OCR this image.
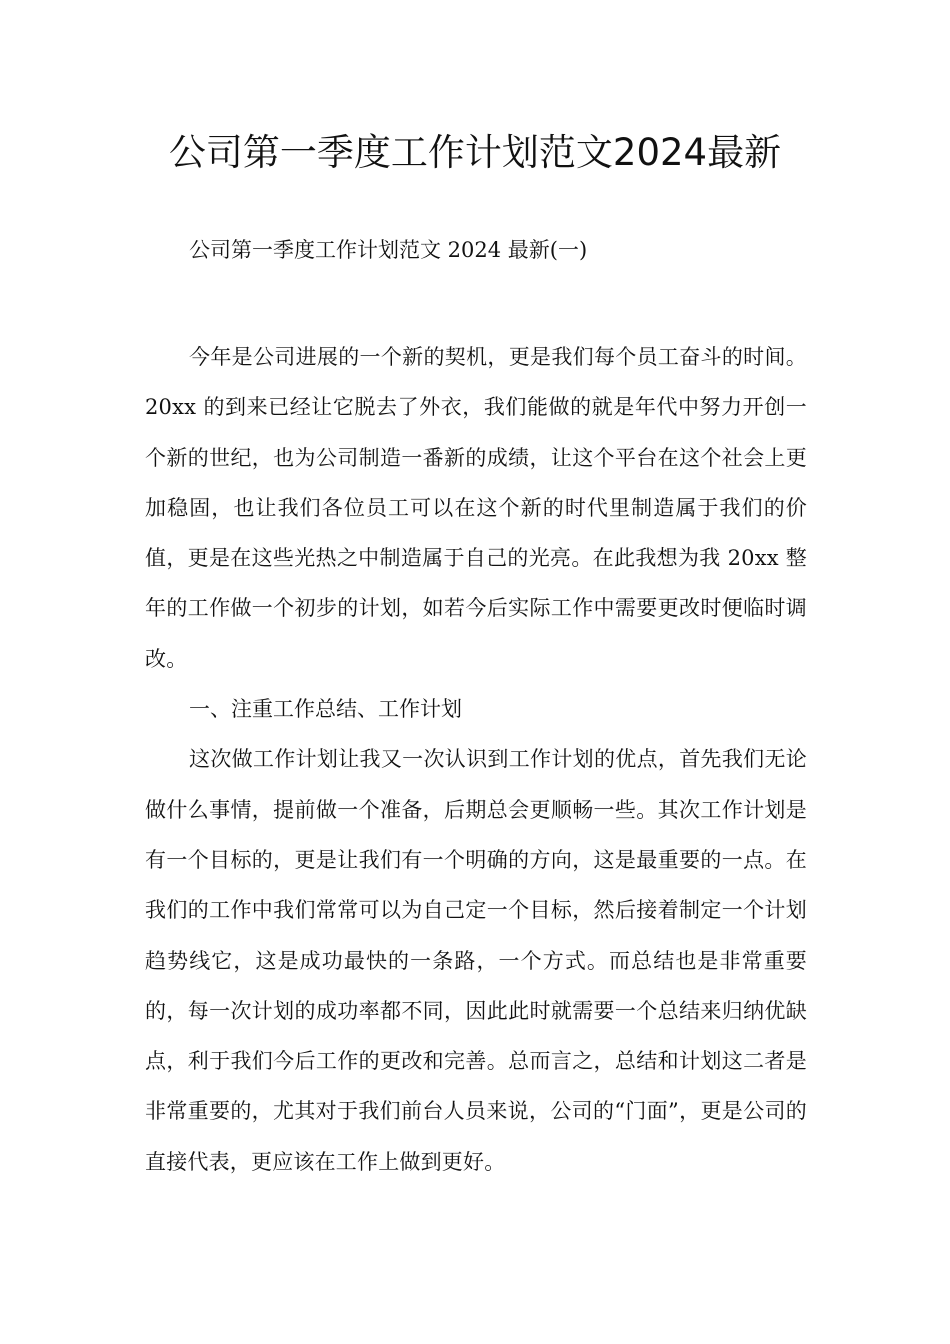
公司第一季度工作计划范文2024最新

公司第一季度工作计划范文 2024 最新(一)

今年是公司进展的一个新的契机，更是我们每个员工奋斗的时间。20xx 的到来已经让它脱去了外衣，我们能做的就是年代中努力开创一个新的世纪，也为公司制造一番新的成绩，让这个平台在这个社会上更加稳固，也让我们各位员工可以在这个新的时代里制造属于我们的价值，更是在这些光热之中制造属于自己的光亮。在此我想为我 20xx 整年的工作做一个初步的计划，如若今后实际工作中需要更改时便临时调改。

一、注重工作总结、工作计划

这次做工作计划让我又一次认识到工作计划的优点，首先我们无论做什么事情，提前做一个准备，后期总会更顺畅一些。其次工作计划是有一个目标的，更是让我们有一个明确的方向，这是最重要的一点。在我们的工作中我们常常可以为自己定一个目标，然后接着制定一个计划趋势线它，这是成功最快的一条路，一个方式。而总结也是非常重要的，每一次计划的成功率都不同，因此此时就需要一个总结来归纳优缺点，利于我们今后工作的更改和完善。总而言之，总结和计划这二者是非常重要的，尤其对于我们前台人员来说，公司的“门面”，更是公司的直接代表，更应该在工作上做到更好。
